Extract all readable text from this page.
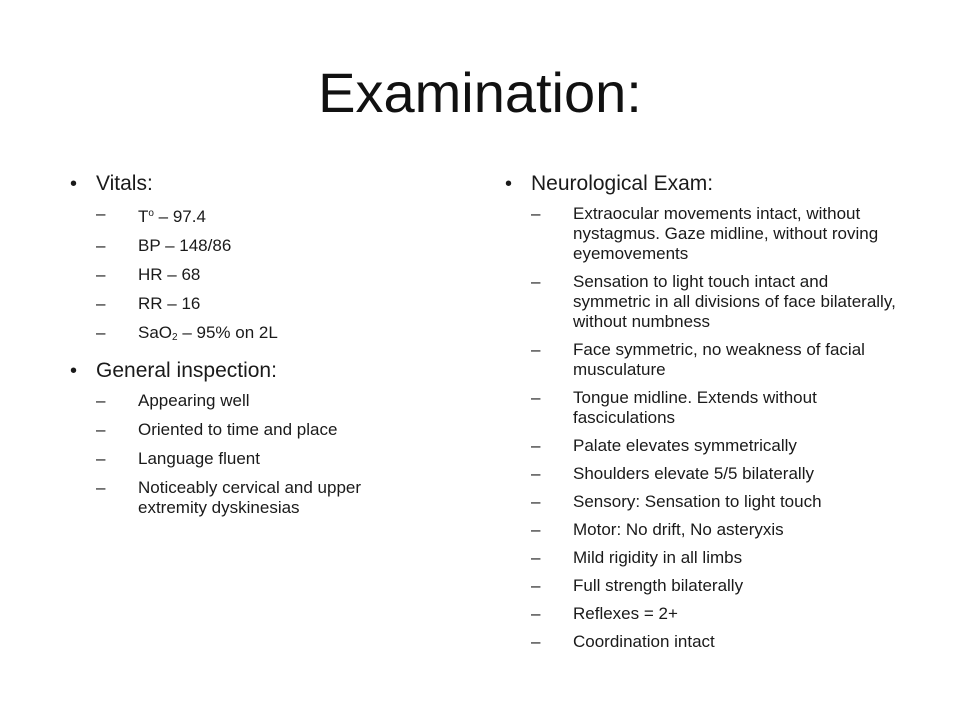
Examination:
• Vitals:
– $T^o - 97.4$
– BP – 148/86
– HR – 68
– RR – 16
– SaO$_2$ – 95% on 2L
• General inspection:
– Appearing well
– Oriented to time and place
– Language fluent
– Noticeably cervical and upper extremity dyskinesias
• Neurological Exam:
– Extraocular movements intact, without nystagmus. Gaze midline, without roving eyemovements
– Sensation to light touch intact and symmetric in all divisions of face bilaterally, without numbness
– Face symmetric, no weakness of facial musculature
– Tongue midline. Extends without fasciculations
– Palate elevates symmetrically
– Shoulders elevate 5/5 bilaterally
– Sensory: Sensation to light touch
– Motor: No drift, No asteryxis
– Mild rigidity in all limbs
– Full strength bilaterally
– Reflexes = 2+
– Coordination intact
